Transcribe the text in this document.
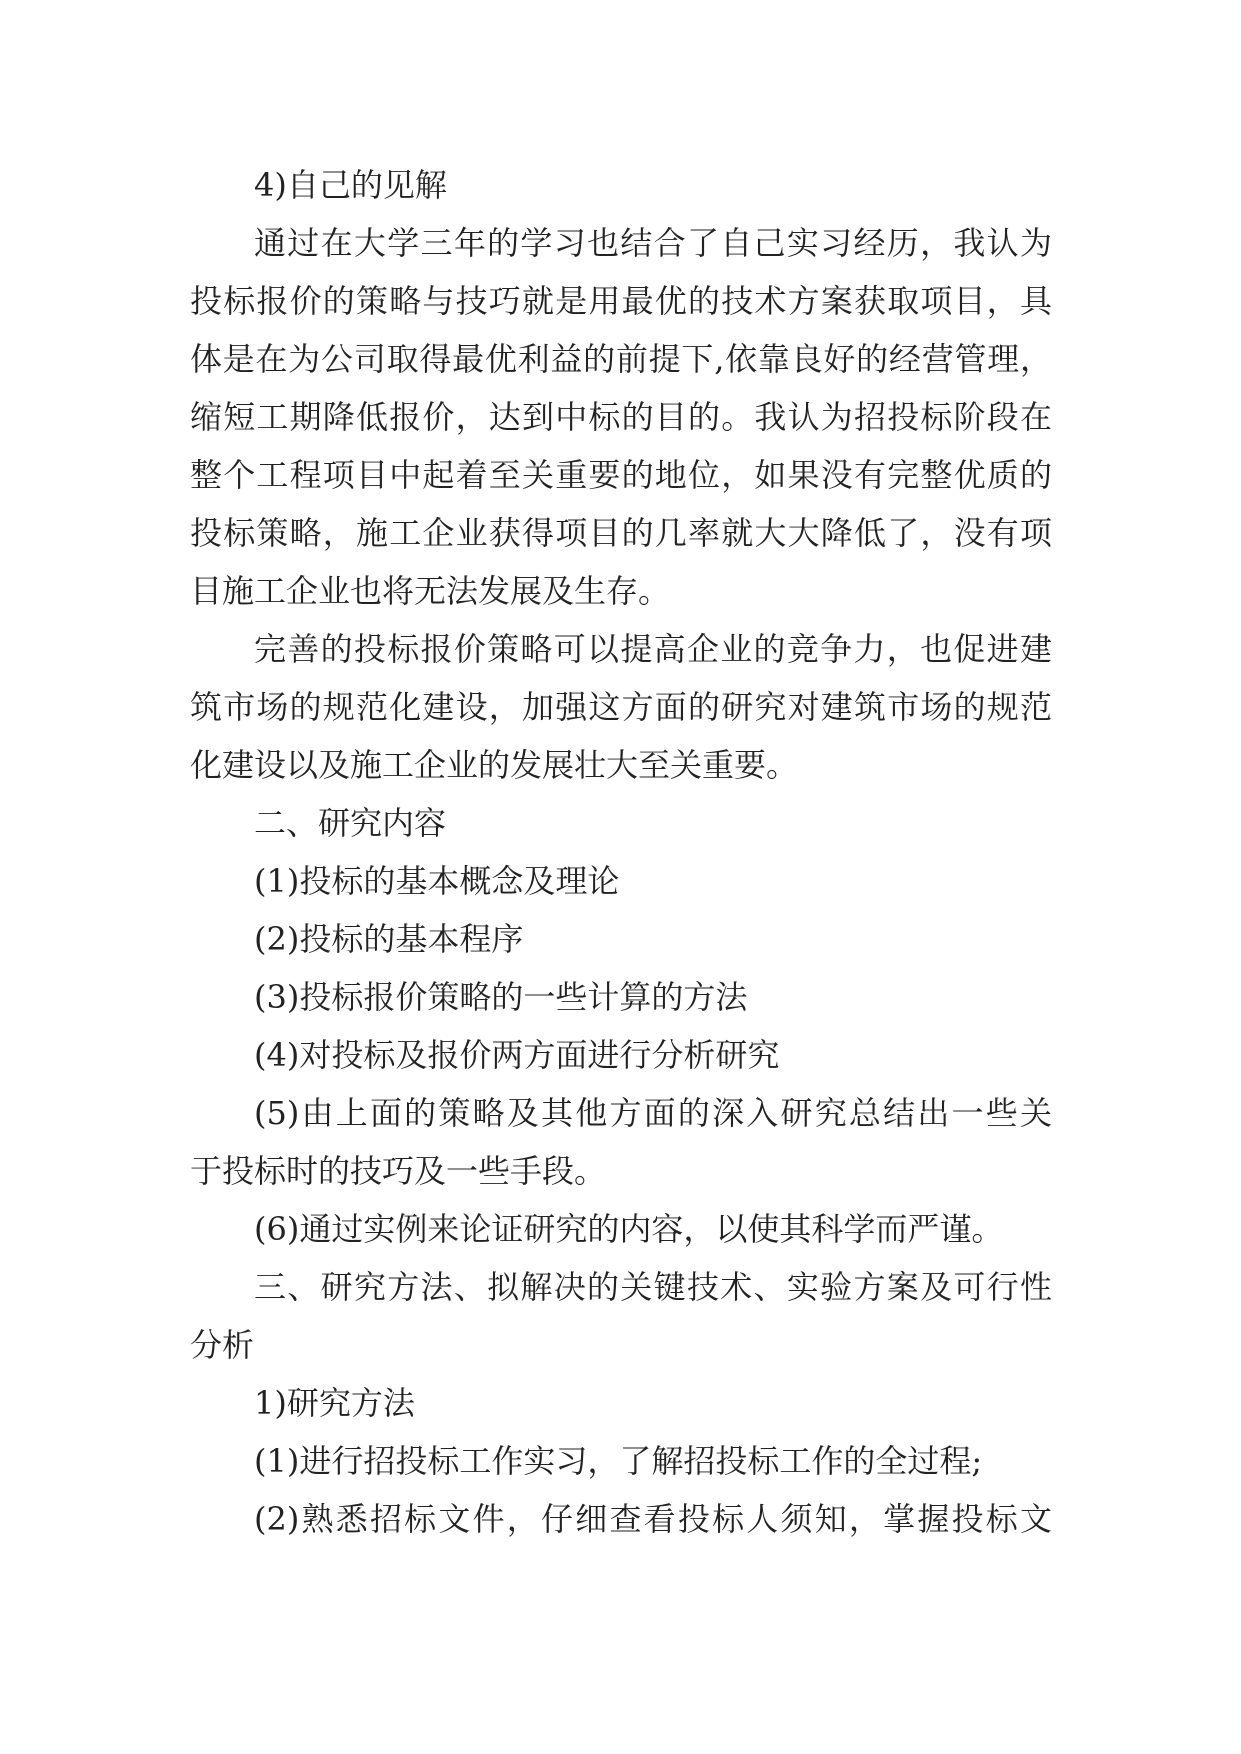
4)自己的见解
通过在大学三年的学习也结合了自己实习经历，我认为
投标报价的策略与技巧就是用最优的技术方案获取项目，具
体是在为公司取得最优利益的前提下,依靠良好的经营管理，
缩短工期降低报价，达到中标的目的。我认为招投标阶段在
整个工程项目中起着至关重要的地位，如果没有完整优质的
投标策略，施工企业获得项目的几率就大大降低了，没有项
目施工企业也将无法发展及生存。
完善的投标报价策略可以提高企业的竞争力，也促进建
筑市场的规范化建设，加强这方面的研究对建筑市场的规范
化建设以及施工企业的发展壮大至关重要。
二、研究内容
(1)投标的基本概念及理论
(2)投标的基本程序
(3)投标报价策略的一些计算的方法
(4)对投标及报价两方面进行分析研究
(5)由上面的策略及其他方面的深入研究总结出一些关
于投标时的技巧及一些手段。
(6)通过实例来论证研究的内容，以使其科学而严谨。
三、研究方法、拟解决的关键技术、实验方案及可行性
分析
1)研究方法
(1)进行招投标工作实习，了解招投标工作的全过程;
(2)熟悉招标文件，仔细查看投标人须知，掌握投标文
